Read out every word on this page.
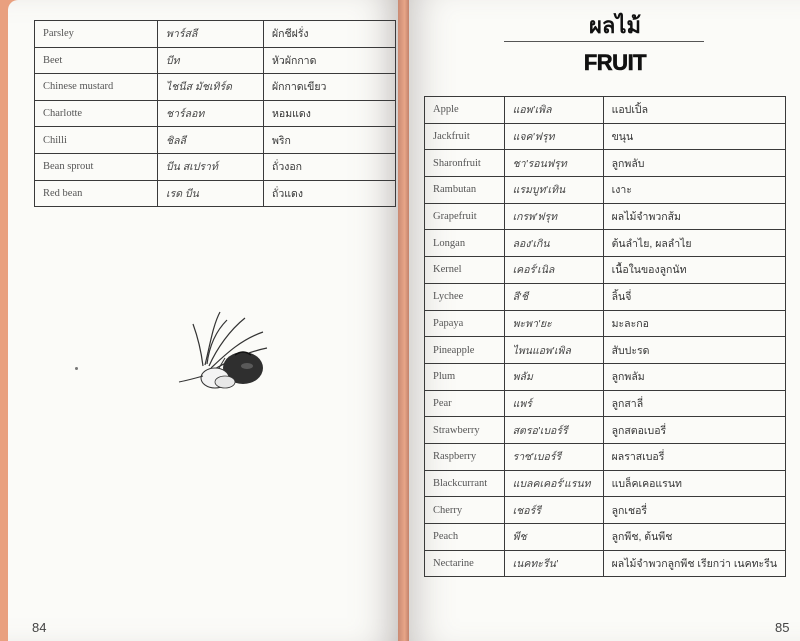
Parsley	พาร์สลี	ผักชีฝรั่ง
Beet	บีท	หัวผักกาด
Chinese mustard	ไชนีส มัชเทิร์ด	ผักกาดเขียว
Charlotte	ชาร์ลอท	หอมแดง
Chilli	ชิลลี	พริก
Bean sprout	บีน สเปราท์	ถั่วงอก
Red bean	เรด บีน	ถั่วแดง
ผลไม้
FRUIT
Apple	แอพ'เพิล	แอปเปิ้ล
Jackfruit	แจค'ฟรุท	ขนุน
Sharonfruit	ชา'รอนฟรุท	ลูกพลับ
Rambutan	แรมบูท'เทิน	เงาะ
Grapefruit	เกรพ'ฟรุท	ผลไม้จำพวกส้ม
Longan	ลอง'เกิน	ต้นลำไย, ผลลำไย
Kernel	เคอร์'เนิล	เนื้อในของลูกนัท
Lychee	ลี'ชี	ลิ้นจี่
Papaya	พะพา'ยะ	มะละกอ
Pineapple	ไพนแอพ'เพิล	สับปะรด
Plum	พลัม	ลูกพลัม
Pear	แพร์	ลูกสาลี่
Strawberry	สตรอ'เบอร์รี	ลูกสตอเบอรี่
Raspberry	ราซ'เบอร์รี	ผลราสเบอรี่
Blackcurrant	แบลคเคอร์'แรนท	แบล็คเคอแรนท
Cherry	เชอร์รี	ลูกเชอรี่
Peach	พีช	ลูกพีช, ต้นพีช
Nectarine	เนคทะรีน'	ผลไม้จำพวกลูกพีช เรียกว่า เนคทะรีน
84	85
